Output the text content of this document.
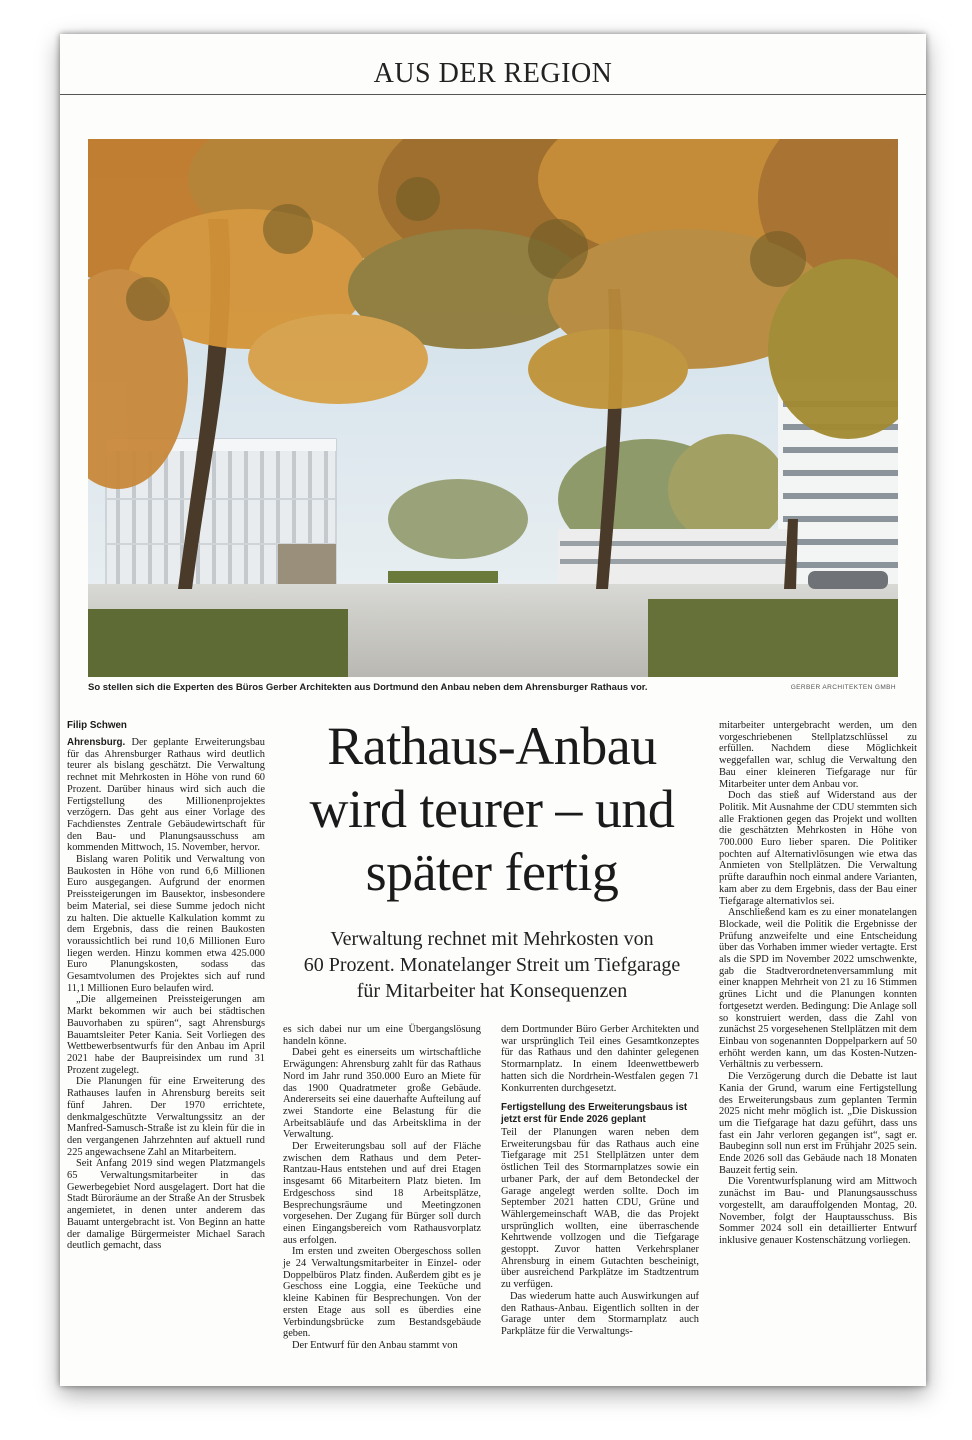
AUS DER REGION
So stellen sich die Experten des Büros Gerber Architekten aus Dortmund den Anbau neben dem Ahrensburger Rathaus vor.	GERBER ARCHITEKTEN GMBH
Filip Schwen

Ahrensburg. Der geplante Erweiterungsbau für das Ahrensburger Rathaus wird deutlich teurer als bislang geschätzt. Die Verwaltung rechnet mit Mehrkosten in Höhe von rund 60 Prozent. Darüber hinaus wird sich auch die Fertigstellung des Millionenprojektes verzögern. Das geht aus einer Vorlage des Fachdienstes Zentrale Gebäudewirtschaft für den Bau- und Planungsausschuss am kommenden Mittwoch, 15. November, hervor.

Bislang waren Politik und Verwaltung von Baukosten in Höhe von rund 6,6 Millionen Euro ausgegangen. Aufgrund der enormen Preissteigerungen im Bausektor, insbesondere beim Material, sei diese Summe jedoch nicht zu halten. Die aktuelle Kalkulation kommt zu dem Ergebnis, dass die reinen Baukosten voraussichtlich bei rund 10,6 Millionen Euro liegen werden. Hinzu kommen etwa 425.000 Euro Planungskosten, sodass das Gesamtvolumen des Projektes sich auf rund 11,1 Millionen Euro belaufen wird.

„Die allgemeinen Preissteigerungen am Markt bekommen wir auch bei städtischen Bauvorhaben zu spüren“, sagt Ahrensburgs Bauamtsleiter Peter Kania. Seit Vorliegen des Wettbewerbsentwurfs für den Anbau im April 2021 habe der Baupreisindex um rund 31 Prozent zugelegt.

Die Planungen für eine Erweiterung des Rathauses laufen in Ahrensburg bereits seit fünf Jahren. Der 1970 errichtete, denkmalgeschützte Verwaltungssitz an der Manfred-Samusch-Straße ist zu klein für die in den vergangenen Jahrzehnten auf aktuell rund 225 angewachsene Zahl an Mitarbeitern.

Seit Anfang 2019 sind wegen Platzmangels 65 Verwaltungsmitarbeiter in das Gewerbegebiet Nord ausgelagert. Dort hat die Stadt Büroräume an der Straße An der Strusbek angemietet, in denen unter anderem das Bauamt untergebracht ist. Von Beginn an hatte der damalige Bürgermeister Michael Sarach deutlich gemacht, dass

Rathaus-Anbau
wird teurer – und
später fertig
Verwaltung rechnet mit Mehrkosten von
60 Prozent. Monatelanger Streit um Tiefgarage
für Mitarbeiter hat Konsequenzen

es sich dabei nur um eine Übergangslösung handeln könne.

Dabei geht es einerseits um wirtschaftliche Erwägungen: Ahrensburg zahlt für das Rathaus Nord im Jahr rund 350.000 Euro an Miete für das 1900 Quadratmeter große Gebäude. Andererseits sei eine dauerhafte Aufteilung auf zwei Standorte eine Belastung für die Arbeitsabläufe und das Arbeitsklima in der Verwaltung.

Der Erweiterungsbau soll auf der Fläche zwischen dem Rathaus und dem Peter-Rantzau-Haus entstehen und auf drei Etagen insgesamt 66 Mitarbeitern Platz bieten. Im Erdgeschoss sind 18 Arbeitsplätze, Besprechungsräume und Meetingzonen vorgesehen. Der Zugang für Bürger soll durch einen Eingangsbereich vom Rathausvorplatz aus erfolgen.

Im ersten und zweiten Obergeschoss sollen je 24 Verwaltungsmitarbeiter in Einzel- oder Doppelbüros Platz finden. Außerdem gibt es je Geschoss eine Loggia, eine Teeküche und kleine Kabinen für Besprechungen. Von der ersten Etage aus soll es überdies eine Verbindungsbrücke zum Bestandsgebäude geben.

Der Entwurf für den Anbau stammt von

dem Dortmunder Büro Gerber Architekten und war ursprünglich Teil eines Gesamtkonzeptes für das Rathaus und den dahinter gelegenen Stormarnplatz. In einem Ideenwettbewerb hatten sich die Nordrhein-Westfalen gegen 71 Konkurrenten durchgesetzt.

Fertigstellung des Erweiterungsbaus ist jetzt erst für Ende 2026 geplant

Teil der Planungen waren neben dem Erweiterungsbau für das Rathaus auch eine Tiefgarage mit 251 Stellplätzen unter dem östlichen Teil des Stormarnplatzes sowie ein urbaner Park, der auf dem Betondeckel der Garage angelegt werden sollte. Doch im September 2021 hatten CDU, Grüne und Wählergemeinschaft WAB, die das Projekt ursprünglich wollten, eine überraschende Kehrtwende vollzogen und die Tiefgarage gestoppt. Zuvor hatten Verkehrsplaner Ahrensburg in einem Gutachten bescheinigt, über ausreichend Parkplätze im Stadtzentrum zu verfügen.

Das wiederum hatte auch Auswirkungen auf den Rathaus-Anbau. Eigentlich sollten in der Garage unter dem Stormarnplatz auch Parkplätze für die Verwaltungs-

mitarbeiter untergebracht werden, um den vorgeschriebenen Stellplatzschlüssel zu erfüllen. Nachdem diese Möglichkeit weggefallen war, schlug die Verwaltung den Bau einer kleineren Tiefgarage nur für Mitarbeiter unter dem Anbau vor.

Doch das stieß auf Widerstand aus der Politik. Mit Ausnahme der CDU stemmten sich alle Fraktionen gegen das Projekt und wollten die geschätzten Mehrkosten in Höhe von 700.000 Euro lieber sparen. Die Politiker pochten auf Alternativlösungen wie etwa das Anmieten von Stellplätzen. Die Verwaltung prüfte daraufhin noch einmal andere Varianten, kam aber zu dem Ergebnis, dass der Bau einer Tiefgarage alternativlos sei.

Anschließend kam es zu einer monatelangen Blockade, weil die Politik die Ergebnisse der Prüfung anzweifelte und eine Entscheidung über das Vorhaben immer wieder vertagte. Erst als die SPD im November 2022 umschwenkte, gab die Stadtverordnetenversammlung mit einer knappen Mehrheit von 21 zu 16 Stimmen grünes Licht und die Planungen konnten fortgesetzt werden. Bedingung: Die Anlage soll so konstruiert werden, dass die Zahl von zunächst 25 vorgesehenen Stellplätzen mit dem Einbau von sogenannten Doppelparkern auf 50 erhöht werden kann, um das Kosten-Nutzen-Verhältnis zu verbessern.

Die Verzögerung durch die Debatte ist laut Kania der Grund, warum eine Fertigstellung des Erweiterungsbaus zum geplanten Termin 2025 nicht mehr möglich ist. „Die Diskussion um die Tiefgarage hat dazu geführt, dass uns fast ein Jahr verloren gegangen ist“, sagt er. Baubeginn soll nun erst im Frühjahr 2025 sein. Ende 2026 soll das Gebäude nach 18 Monaten Bauzeit fertig sein.

Die Vorentwurfsplanung wird am Mittwoch zunächst im Bau- und Planungsausschuss vorgestellt, am darauffolgenden Montag, 20. November, folgt der Hauptausschuss. Bis Sommer 2024 soll ein detaillierter Entwurf inklusive genauer Kostenschätzung vorliegen.
